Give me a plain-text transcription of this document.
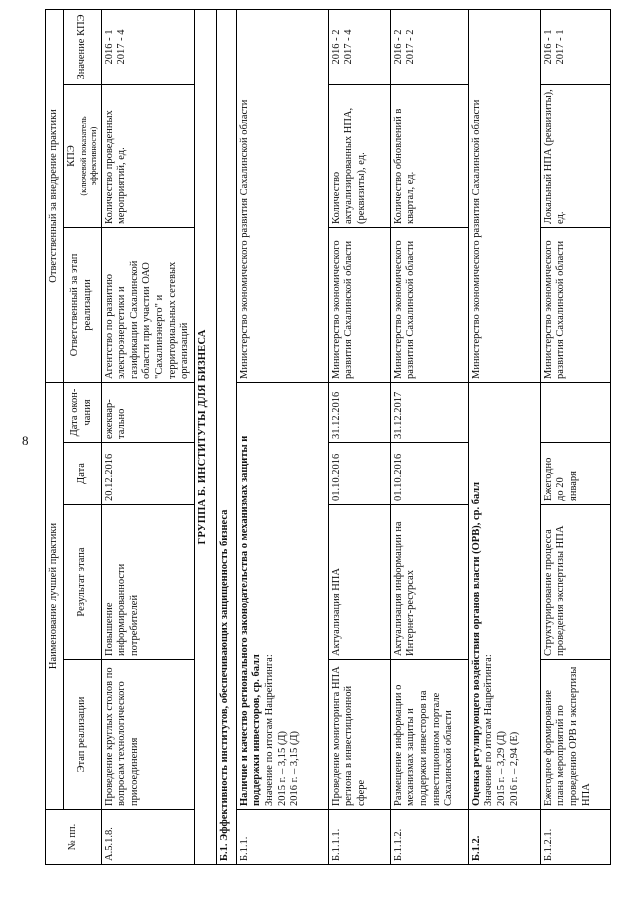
8
№ пп.	Наименование лучшей практики				Ответственный за внедрение практики		
	Этап реализации	Результат этапа	Дата	Дата окон-чания	Ответственный за этап реализации	КПЭ (ключевой показатель эффективности)	Значение КПЭ
А.5.1.8.	Проведение круглых столов по вопросам технологического присоединения	Повышение информированности потребителей	20.12.2016	ежеквар-тально	Агентство по развитию электроэнергетики и газификации Сахалинской области при участии ОАО "Сахалинэнерго" и территориальных сетевых организаций	Количество проведенных мероприятий, ед.	2016 - 1 2017 - 4

ГРУППА Б. ИНСТИТУТЫ ДЛЯ БИЗНЕСА							
Б.1. Эффективность институтов, обеспечивающих защищенность бизнеса							
Б.1.1.	Наличие и качество регионального законодательства о механизмах защиты и поддержки инвесторов, ср. балл Значение по итогам Нацрейтинга: 2015 г. – 3,15 (Д) 2016 г. – 3,15 (Д)				Министерство экономического развития Сахалинской области		
Б.1.1.1.	Проведение мониторинга НПА региона в инвестиционной сфере	Актуализация НПА	01.10.2016	31.12.2016	Министерство экономического развития Сахалинской области	Количество актуализированных НПА, (реквизиты), ед.	2016 - 2 2017 - 4

Б.1.1.2.	Размещение информации о механизмах защиты и поддержки инвесторов на инвестиционном портале Сахалинской области	Актуализация информации на Интернет-ресурсах	01.10.2016	31.12.2017	Министерство экономического развития Сахалинской области	Количество обновлений в квартал, ед.	2016 - 2 2017 - 2

Б.1.2.	Оценка регулирующего воздействия органов власти (ОРВ), ср. балл Значение по итогам Нацрейтинга: 2015 г. – 3,29 (Д) 2016 г. – 2,94 (Е)				Министерство экономического развития Сахалинской области		
Б.1.2.1.	Ежегодное формирование плана мероприятий по проведению ОРВ и экспертизы НПА	Структурирование процесса проведения экспертизы НПА	Ежегодно до 20 января		Министерство экономического развития Сахалинской области	Локальный НПА (реквизиты), ед.	2016 - 1 2017 - 1
